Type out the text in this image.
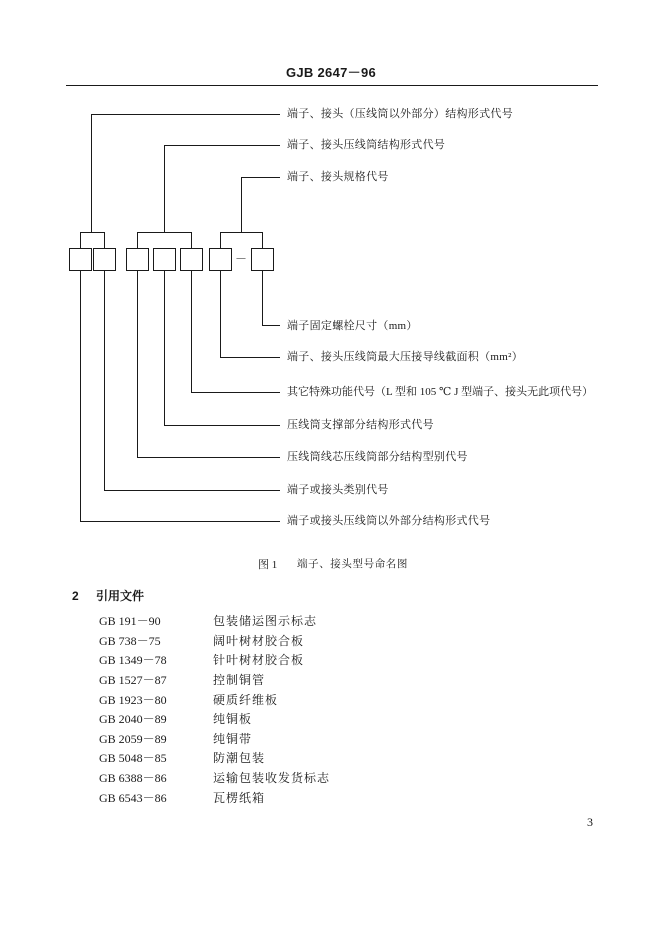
GJB 2647－96
－
端子、接头（压线筒以外部分）结构形式代号
端子、接头压线筒结构形式代号
端子、接头规格代号
端子固定螺栓尺寸（mm）
端子、接头压线筒最大压接导线截面积（mm²）
其它特殊功能代号（L 型和 105 ℃ J 型端子、接头无此项代号）
压线筒支撑部分结构形式代号
压线筒线芯压线筒部分结构型别代号
端子或接头类别代号
端子或接头压线筒以外部分结构形式代号
图 1 端子、接头型号命名图
2 引用文件
GB 191－90	包装储运图示标志
GB 738－75	阔叶树材胶合板
GB 1349－78	针叶树材胶合板
GB 1527－87	控制铜管
GB 1923－80	硬质纤维板
GB 2040－89	纯铜板
GB 2059－89	纯铜带
GB 5048－85	防潮包装
GB 6388－86	运输包装收发货标志
GB 6543－86	瓦楞纸箱
3
